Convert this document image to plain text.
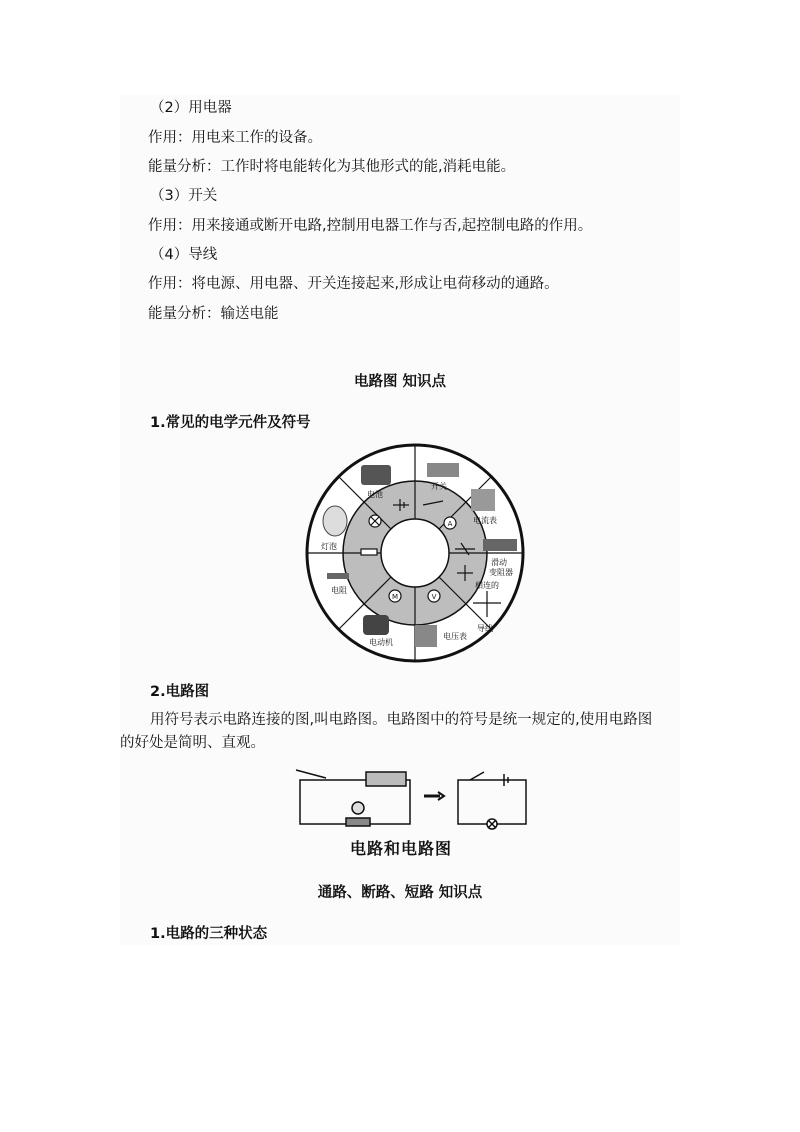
（2）用电器
作用：用电来工作的设备。
能量分析：工作时将电能转化为其他形式的能,消耗电能。
（3）开关
作用：用来接通或断开电路,控制用电器工作与否,起控制电路的作用。
（4）导线
作用：将电源、用电器、开关连接起来,形成让电荷移动的通路。
能量分析：输送电能
电路图 知识点
1.常见的电学元件及符号
电池
开关
电流表
滑动
变阻器
相连的
导线
电压表
电动机
电阻
灯泡
A
V
M
2.电路图
用符号表示电路连接的图,叫电路图。电路图中的符号是统一规定的,使用电路图
的好处是简明、直观。
电路和电路图
通路、断路、短路 知识点
1.电路的三种状态
